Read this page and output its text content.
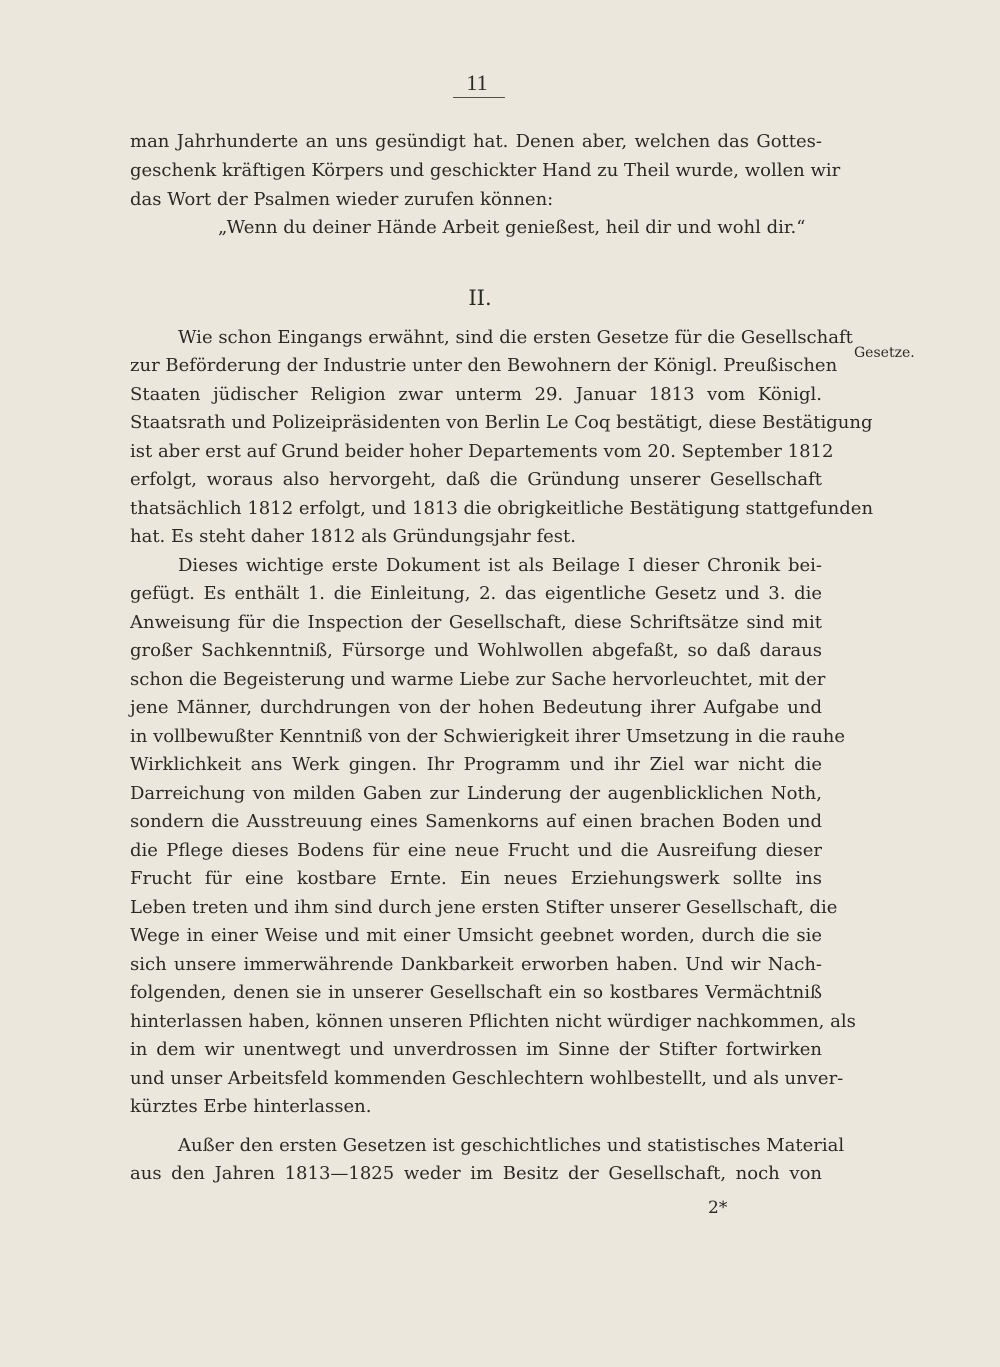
11
man Jahrhunderte an uns gesündigt hat. Denen aber, welchen das Gottes-
geschenk kräftigen Körpers und geschickter Hand zu Theil wurde, wollen wir
das Wort der Psalmen wieder zurufen können:
„Wenn du deiner Hände Arbeit genießest, heil dir und wohl dir.“
II.
Gesetze.
Wie schon Eingangs erwähnt, sind die ersten Gesetze für die Gesellschaft
zur Beförderung der Industrie unter den Bewohnern der Königl. Preußischen
Staaten jüdischer Religion zwar unterm 29. Januar 1813 vom Königl.
Staatsrath und Polizeipräsidenten von Berlin Le Coq bestätigt, diese Bestätigung
ist aber erst auf Grund beider hoher Departements vom 20. September 1812
erfolgt, woraus also hervorgeht, daß die Gründung unserer Gesellschaft
thatsächlich 1812 erfolgt, und 1813 die obrigkeitliche Bestätigung stattgefunden
hat. Es steht daher 1812 als Gründungsjahr fest.
Dieses wichtige erste Dokument ist als Beilage I dieser Chronik bei-
gefügt. Es enthält 1. die Einleitung, 2. das eigentliche Gesetz und 3. die
Anweisung für die Inspection der Gesellschaft, diese Schriftsätze sind mit
großer Sachkenntniß, Fürsorge und Wohlwollen abgefaßt, so daß daraus
schon die Begeisterung und warme Liebe zur Sache hervorleuchtet, mit der
jene Männer, durchdrungen von der hohen Bedeutung ihrer Aufgabe und
in vollbewußter Kenntniß von der Schwierigkeit ihrer Umsetzung in die rauhe
Wirklichkeit ans Werk gingen. Ihr Programm und ihr Ziel war nicht die
Darreichung von milden Gaben zur Linderung der augenblicklichen Noth,
sondern die Ausstreuung eines Samenkorns auf einen brachen Boden und
die Pflege dieses Bodens für eine neue Frucht und die Ausreifung dieser
Frucht für eine kostbare Ernte. Ein neues Erziehungswerk sollte ins
Leben treten und ihm sind durch jene ersten Stifter unserer Gesellschaft, die
Wege in einer Weise und mit einer Umsicht geebnet worden, durch die sie
sich unsere immerwährende Dankbarkeit erworben haben. Und wir Nach-
folgenden, denen sie in unserer Gesellschaft ein so kostbares Vermächtniß
hinterlassen haben, können unseren Pflichten nicht würdiger nachkommen, als
in dem wir unentwegt und unverdrossen im Sinne der Stifter fortwirken
und unser Arbeitsfeld kommenden Geschlechtern wohlbestellt, und als unver-
kürztes Erbe hinterlassen.
Außer den ersten Gesetzen ist geschichtliches und statistisches Material
aus den Jahren 1813—1825 weder im Besitz der Gesellschaft, noch von
2*
